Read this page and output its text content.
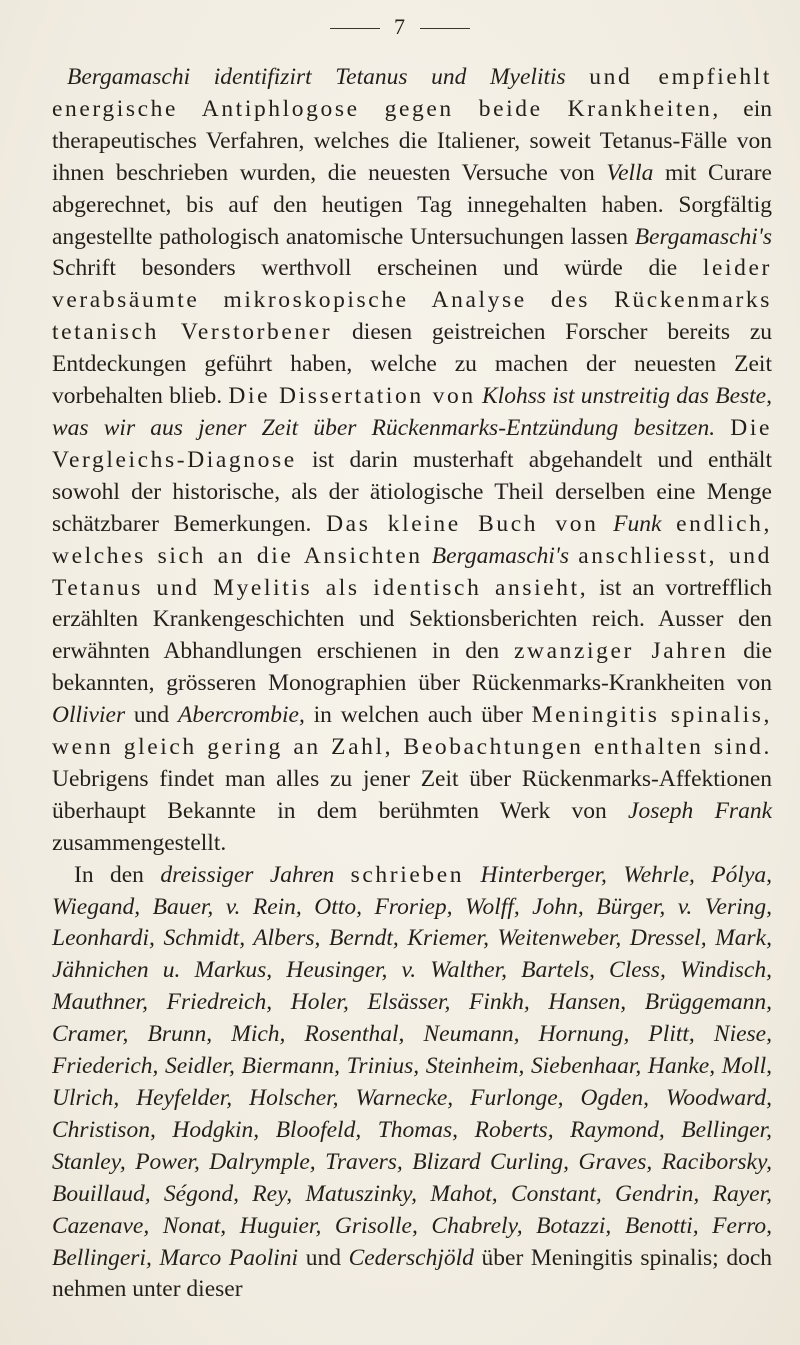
7

Bergamaschi identifizirt Tetanus und Myelitis und empfiehlt energische Antiphlogose gegen beide Krankheiten, ein therapeutisches Verfahren, welches die Italiener, soweit Tetanus-Fälle von ihnen beschrieben wurden, die neuesten Versuche von Vella mit Curare abgerechnet, bis auf den heutigen Tag innegehalten haben. Sorgfältig angestellte pathologisch anatomische Untersuchungen lassen Bergamaschi's Schrift besonders werthvoll erscheinen und würde die leider verabsäumte mikroskopische Analyse des Rückenmarks tetanisch Verstorbener diesen geistreichen Forscher bereits zu Entdeckungen geführt haben, welche zu machen der neuesten Zeit vorbehalten blieb. Die Dissertation von Klohss ist unstreitig das Beste, was wir aus jener Zeit über Rückenmarks-Entzündung besitzen. Die Vergleichs-Diagnose ist darin musterhaft abgehandelt und enthält sowohl der historische, als der ätiologische Theil derselben eine Menge schätzbarer Bemerkungen. Das kleine Buch von Funk endlich, welches sich an die Ansichten Bergamaschi's anschliesst, und Tetanus und Myelitis als identisch ansieht, ist an vortrefflich erzählten Krankengeschichten und Sektionsberichten reich. Ausser den erwähnten Abhandlungen erschienen in den zwanziger Jahren die bekannten, grösseren Monographien über Rückenmarks-Krankheiten von Ollivier und Abercrombie, in welchen auch über Meningitis spinalis, wenn gleich gering an Zahl, Beobachtungen enthalten sind. Uebrigens findet man alles zu jener Zeit über Rückenmarks-Affektionen überhaupt Bekannte in dem berühmten Werk von Joseph Frank zusammengestellt.

In den dreissiger Jahren schrieben Hinterberger, Wehrle, Pólya, Wiegand, Bauer, v. Rein, Otto, Froriep, Wolff, John, Bürger, v. Vering, Leonhardi, Schmidt, Albers, Berndt, Kriemer, Weitenweber, Dressel, Mark, Jähnichen u. Markus, Heusinger, v. Walther, Bartels, Cless, Windisch, Mauthner, Friedreich, Holer, Elsässer, Finkh, Hansen, Brüggemann, Cramer, Brunn, Mich, Rosenthal, Neumann, Hornung, Plitt, Niese, Friederich, Seidler, Biermann, Trinius, Steinheim, Siebenhaar, Hanke, Moll, Ulrich, Heyfelder, Holscher, Warnecke, Furlonge, Ogden, Woodward, Christison, Hodgkin, Bloofeld, Thomas, Roberts, Raymond, Bellinger, Stanley, Power, Dalrymple, Travers, Blizard Curling, Graves, Raciborsky, Bouillaud, Ségond, Rey, Matuszinky, Mahot, Constant, Gendrin, Rayer, Cazenave, Nonat, Huguier, Grisolle, Chabrely, Botazzi, Benotti, Ferro, Bellingeri, Marco Paolini und Cederschjöld über Meningitis spinalis; doch nehmen unter dieser
